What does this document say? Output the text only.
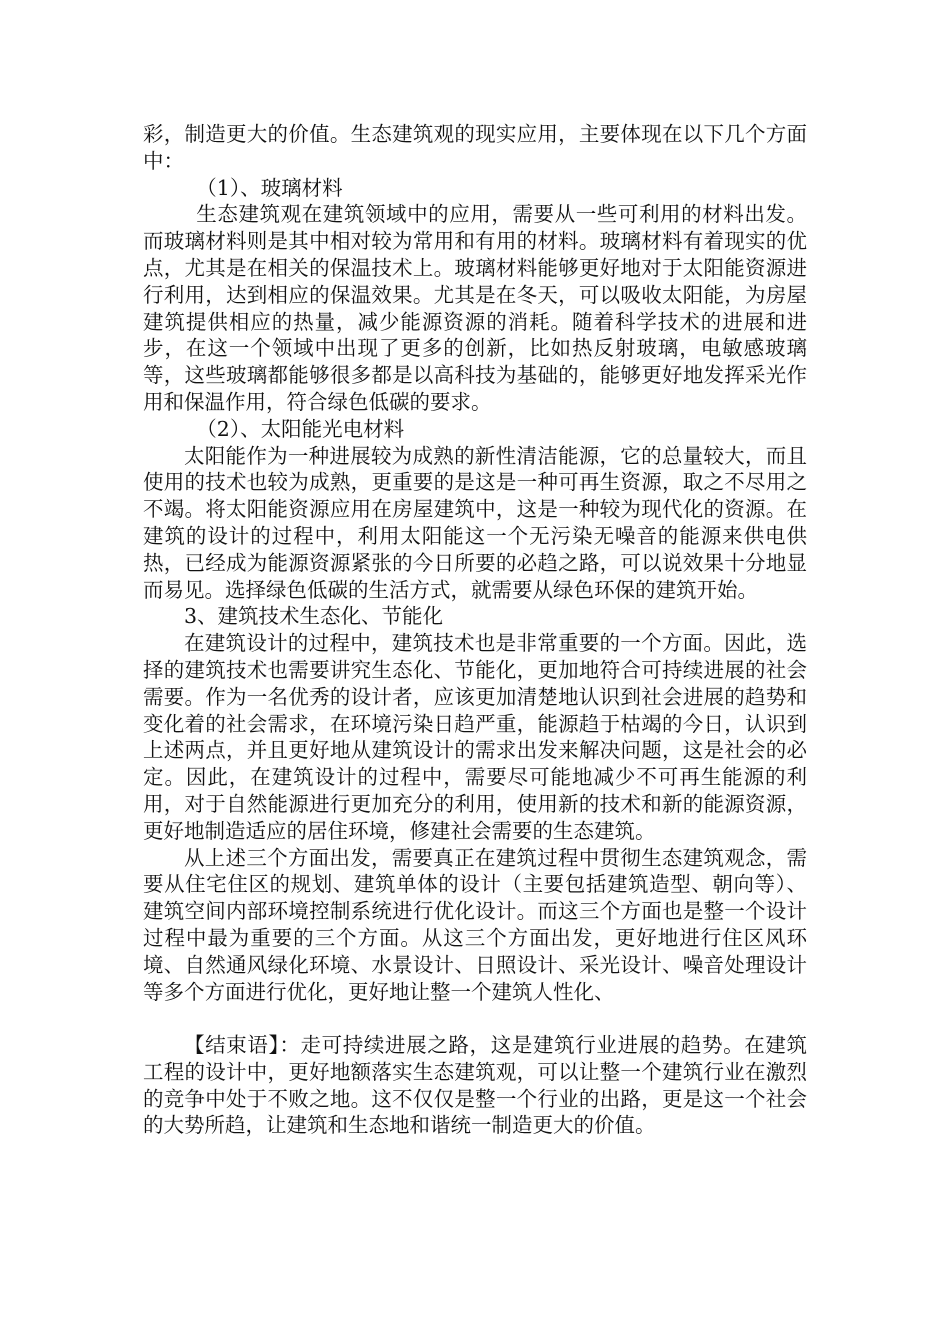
彩，制造更大的价值。生态建筑观的现实应用，主要体现在以下几个方面中：

（1）、玻璃材料

生态建筑观在建筑领域中的应用，需要从一些可利用的材料出发。而玻璃材料则是其中相对较为常用和有用的材料。玻璃材料有着现实的优点，尤其是在相关的保温技术上。玻璃材料能够更好地对于太阳能资源进行利用，达到相应的保温效果。尤其是在冬天，可以吸收太阳能，为房屋建筑提供相应的热量，减少能源资源的消耗。随着科学技术的进展和进步，在这一个领域中出现了更多的创新，比如热反射玻璃，电敏感玻璃等，这些玻璃都能够很多都是以高科技为基础的，能够更好地发挥采光作用和保温作用，符合绿色低碳的要求。

（2）、太阳能光电材料

太阳能作为一种进展较为成熟的新性清洁能源，它的总量较大，而且使用的技术也较为成熟，更重要的是这是一种可再生资源，取之不尽用之不竭。将太阳能资源应用在房屋建筑中，这是一种较为现代化的资源。在建筑的设计的过程中，利用太阳能这一个无污染无噪音的能源来供电供热，已经成为能源资源紧张的今日所要的必趋之路，可以说效果十分地显而易见。选择绿色低碳的生活方式，就需要从绿色环保的建筑开始。

3、建筑技术生态化、节能化

在建筑设计的过程中，建筑技术也是非常重要的一个方面。因此，选择的建筑技术也需要讲究生态化、节能化，更加地符合可持续进展的社会需要。作为一名优秀的设计者，应该更加清楚地认识到社会进展的趋势和变化着的社会需求，在环境污染日趋严重，能源趋于枯竭的今日，认识到上述两点，并且更好地从建筑设计的需求出发来解决问题，这是社会的必定。因此，在建筑设计的过程中，需要尽可能地减少不可再生能源的利用，对于自然能源进行更加充分的利用，使用新的技术和新的能源资源，更好地制造适应的居住环境，修建社会需要的生态建筑。

从上述三个方面出发，需要真正在建筑过程中贯彻生态建筑观念，需要从住宅住区的规划、建筑单体的设计（主要包括建筑造型、朝向等）、建筑空间内部环境控制系统进行优化设计。而这三个方面也是整一个设计过程中最为重要的三个方面。从这三个方面出发，更好地进行住区风环境、自然通风绿化环境、水景设计、日照设计、采光设计、噪音处理设计等多个方面进行优化，更好地让整一个建筑人性化、

【结束语】：走可持续进展之路，这是建筑行业进展的趋势。在建筑工程的设计中，更好地额落实生态建筑观，可以让整一个建筑行业在激烈的竞争中处于不败之地。这不仅仅是整一个行业的出路，更是这一个社会的大势所趋，让建筑和生态地和谐统一制造更大的价值。
